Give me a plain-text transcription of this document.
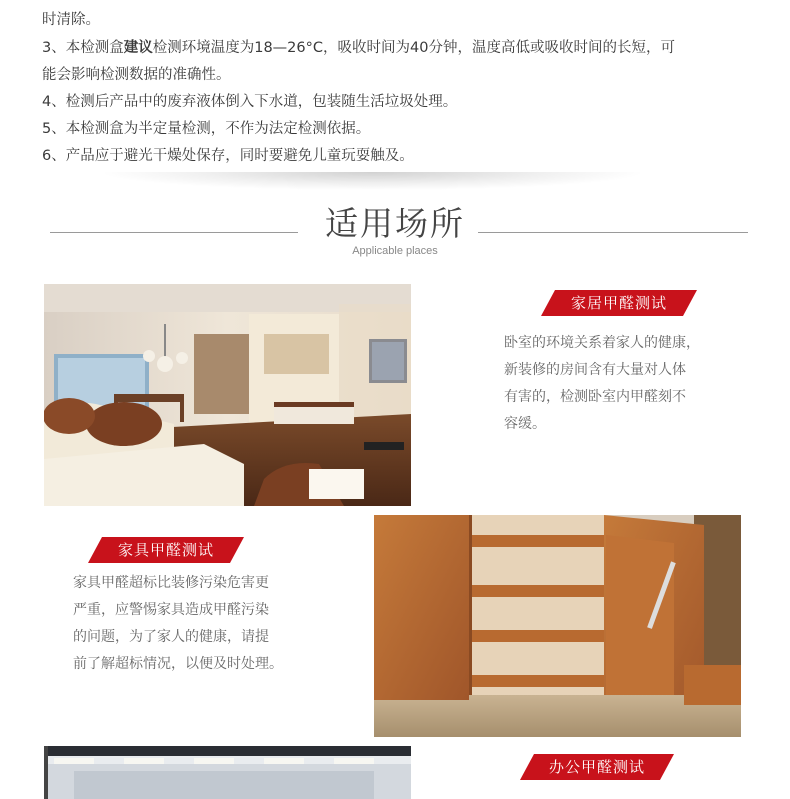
时清除。
3、本检测盒建议检测环境温度为18—26°C，吸收时间为40分钟，温度高低或吸收时间的长短，可
能会影响检测数据的准确性。
4、检测后产品中的废弃液体倒入下水道，包装随生活垃圾处理。
5、本检测盒为半定量检测，不作为法定检测依据。
6、产品应于避光干燥处保存，同时要避免儿童玩耍触及。
适用场所
Applicable places
家居甲醛测试
卧室的环境关系着家人的健康，
新装修的房间含有大量对人体
有害的，检测卧室内甲醛刻不
容缓。
家具甲醛测试
家具甲醛超标比装修污染危害更
严重，应警惕家具造成甲醛污染
的问题，为了家人的健康，请提
前了解超标情况，以便及时处理。
办公甲醛测试
